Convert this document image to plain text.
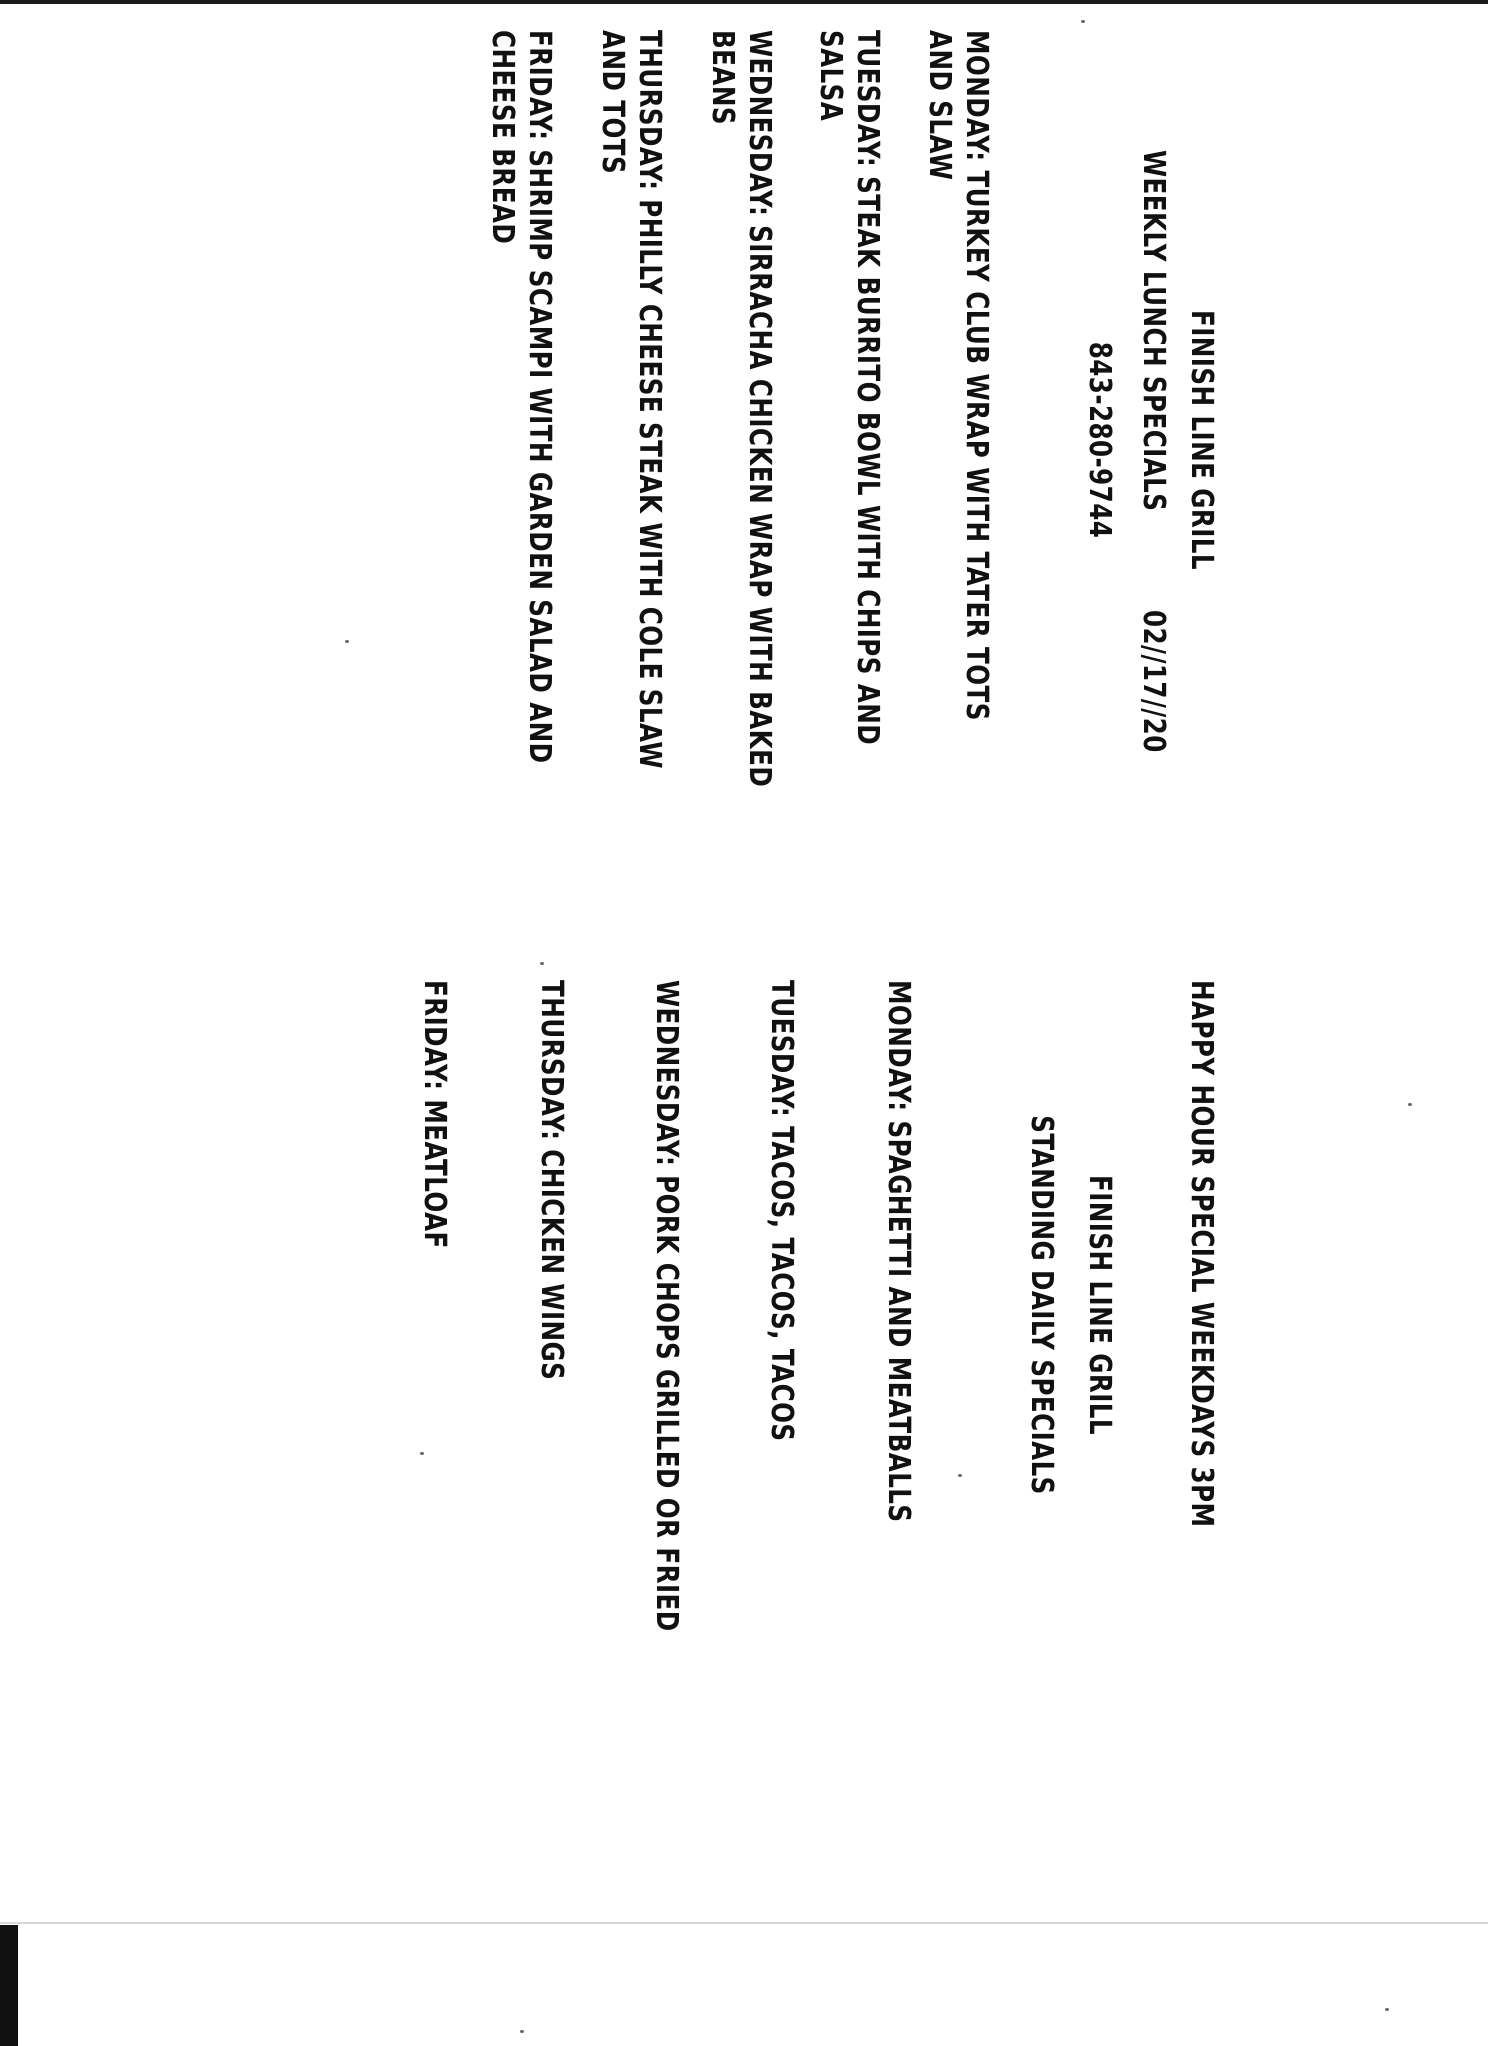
FINISH LINE GRILL
WEEKLY LUNCH SPECIALS
02//17//20
843-280-9744
MONDAY: TURKEY CLUB WRAP WITH TATER TOTS
AND SLAW
TUESDAY: STEAK BURRITO BOWL WITH CHIPS AND
SALSA
WEDNESDAY: SIRRACHA CHICKEN WRAP WITH BAKED
BEANS
THURSDAY: PHILLY CHEESE STEAK WITH COLE SLAW
AND TOTS
FRIDAY: SHRIMP SCAMPI WITH GARDEN SALAD AND
CHEESE BREAD
HAPPY HOUR SPECIAL WEEKDAYS 3PM
FINISH LINE GRILL
STANDING DAILY SPECIALS
MONDAY: SPAGHETTI AND MEATBALLS
TUESDAY: TACOS, TACOS, TACOS
WEDNESDAY: PORK CHOPS GRILLED OR FRIED
THURSDAY: CHICKEN WINGS
FRIDAY: MEATLOAF
